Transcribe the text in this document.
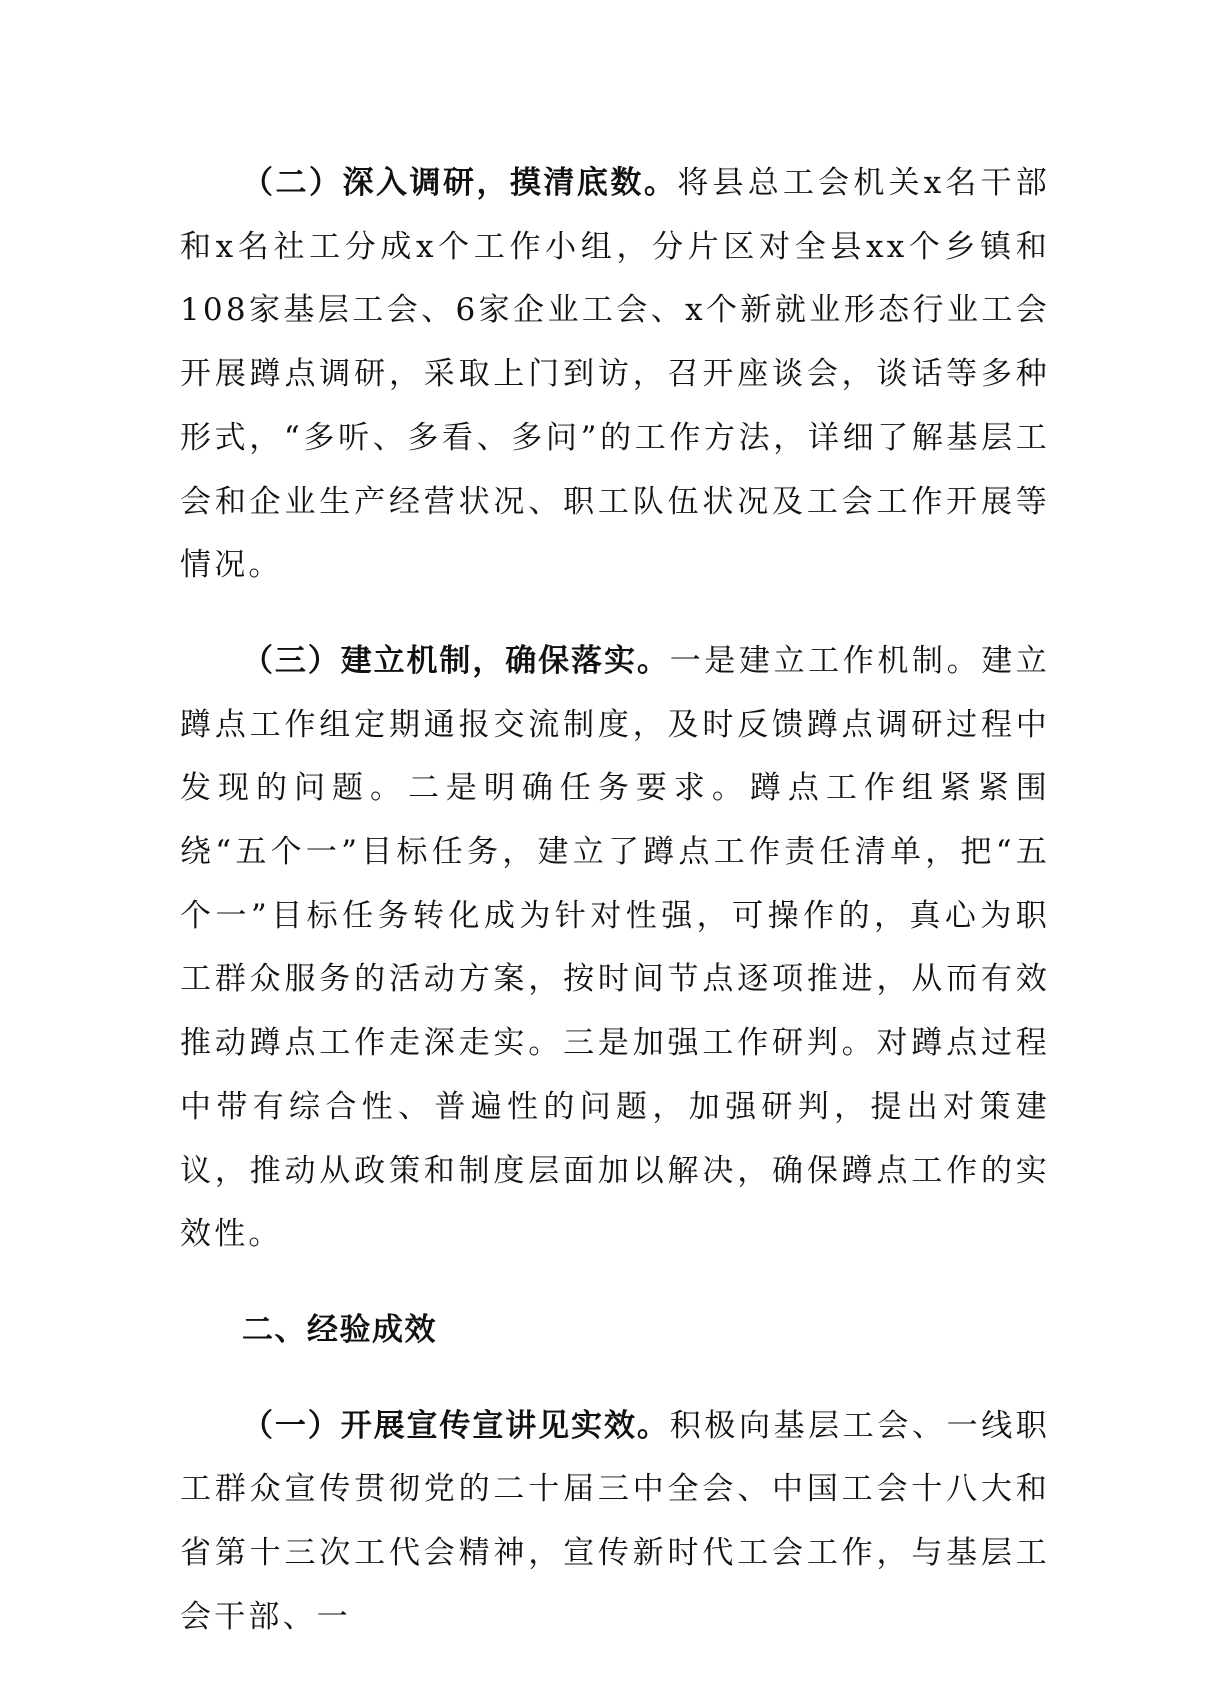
（二）深入调研，摸清底数。将县总工会机关x名干部和x名社工分成x个工作小组，分片区对全县xx个乡镇和108家基层工会、6家企业工会、x个新就业形态行业工会开展蹲点调研，采取上门到访，召开座谈会，谈话等多种形式，“多听、多看、多问”的工作方法，详细了解基层工会和企业生产经营状况、职工队伍状况及工会工作开展等情况。

（三）建立机制，确保落实。一是建立工作机制。建立蹲点工作组定期通报交流制度，及时反馈蹲点调研过程中发现的问题。二是明确任务要求。蹲点工作组紧紧围绕“五个一”目标任务，建立了蹲点工作责任清单，把“五个一”目标任务转化成为针对性强，可操作的，真心为职工群众服务的活动方案，按时间节点逐项推进，从而有效推动蹲点工作走深走实。三是加强工作研判。对蹲点过程中带有综合性、普遍性的问题，加强研判，提出对策建议，推动从政策和制度层面加以解决，确保蹲点工作的实效性。

二、经验成效

（一）开展宣传宣讲见实效。积极向基层工会、一线职工群众宣传贯彻党的二十届三中全会、中国工会十八大和省第十三次工代会精神，宣传新时代工会工作，与基层工会干部、一
